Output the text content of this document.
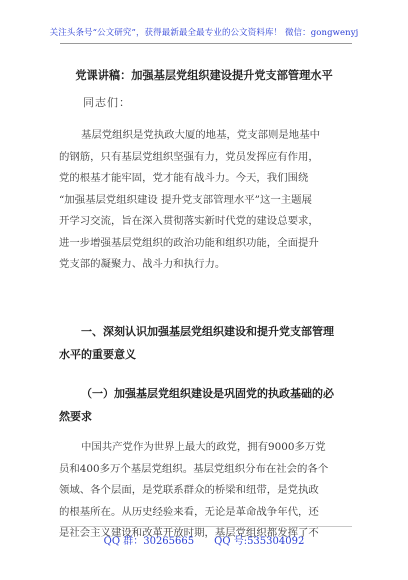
关注头条号“公文研究”，获得最新最全最专业的公文资料库！ 微信：gongwenyj
党课讲稿：加强基层党组织建设提升党支部管理水平
同志们：
基层党组织是党执政大厦的地基，党支部则是地基中
的钢筋，只有基层党组织坚强有力，党员发挥应有作用，
党的根基才能牢固，党才能有战斗力。今天，我们围绕
“加强基层党组织建设 提升党支部管理水平”这一主题展
开学习交流，旨在深入贯彻落实新时代党的建设总要求，
进一步增强基层党组织的政治功能和组织功能，全面提升
党支部的凝聚力、战斗力和执行力。
一、深刻认识加强基层党组织建设和提升党支部管理
水平的重要意义
（一）加强基层党组织建设是巩固党的执政基础的必
然要求
中国共产党作为世界上最大的政党，拥有9000多万党
员和400多万个基层党组织。基层党组织分布在社会的各个
领域、各个层面，是党联系群众的桥梁和纽带，是党执政
的根基所在。从历史经验来看，无论是革命战争年代，还
是社会主义建设和改革开放时期，基层党组织都发挥了不
QQ 群：30265665 QQ 号:535304092
